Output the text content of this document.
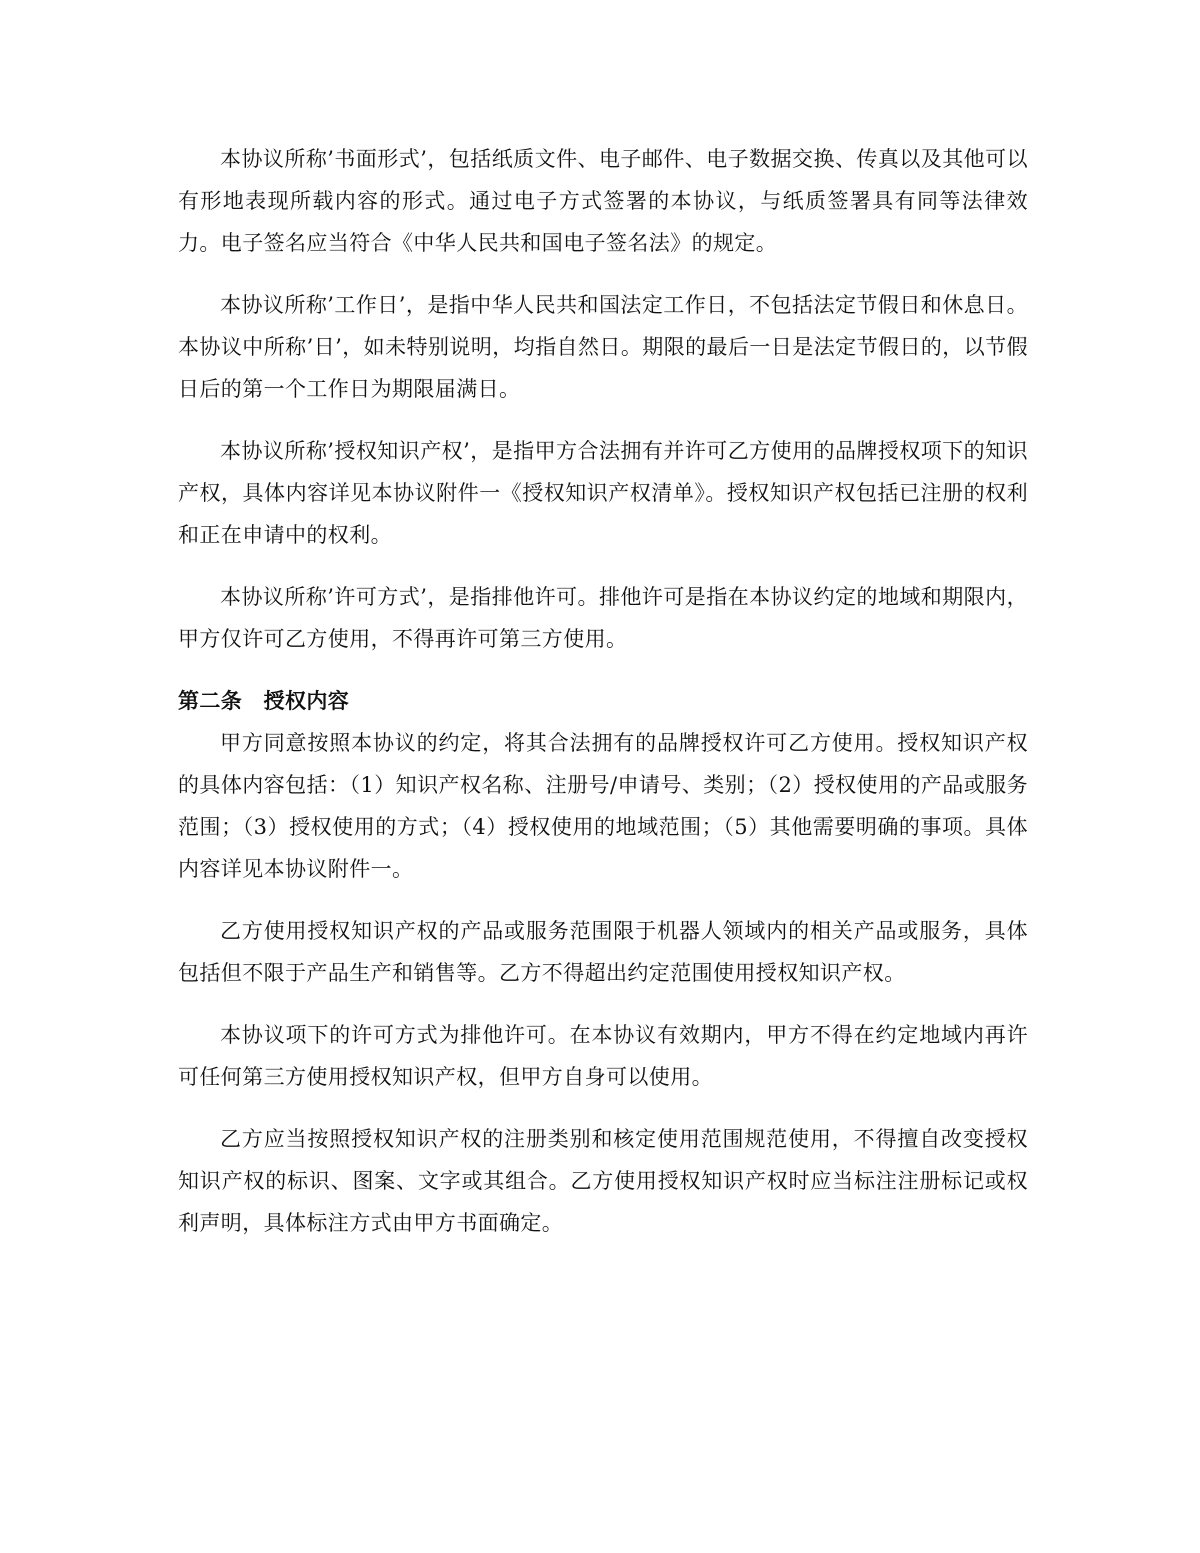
本协议所称’书面形式’，包括纸质文件、电子邮件、电子数据交换、传真以及其他可以有形地表现所载内容的形式。通过电子方式签署的本协议，与纸质签署具有同等法律效力。电子签名应当符合《中华人民共和国电子签名法》的规定。

本协议所称’工作日’，是指中华人民共和国法定工作日，不包括法定节假日和休息日。本协议中所称’日’，如未特别说明，均指自然日。期限的最后一日是法定节假日的，以节假日后的第一个工作日为期限届满日。

本协议所称’授权知识产权’，是指甲方合法拥有并许可乙方使用的品牌授权项下的知识产权，具体内容详见本协议附件一《授权知识产权清单》。授权知识产权包括已注册的权利和正在申请中的权利。

本协议所称’许可方式’，是指排他许可。排他许可是指在本协议约定的地域和期限内，甲方仅许可乙方使用，不得再许可第三方使用。

第二条　授权内容

甲方同意按照本协议的约定，将其合法拥有的品牌授权许可乙方使用。授权知识产权的具体内容包括：（1）知识产权名称、注册号/申请号、类别；（2）授权使用的产品或服务范围；（3）授权使用的方式；（4）授权使用的地域范围；（5）其他需要明确的事项。具体内容详见本协议附件一。

乙方使用授权知识产权的产品或服务范围限于机器人领域内的相关产品或服务，具体包括但不限于产品生产和销售等。乙方不得超出约定范围使用授权知识产权。

本协议项下的许可方式为排他许可。在本协议有效期内，甲方不得在约定地域内再许可任何第三方使用授权知识产权，但甲方自身可以使用。

乙方应当按照授权知识产权的注册类别和核定使用范围规范使用，不得擅自改变授权知识产权的标识、图案、文字或其组合。乙方使用授权知识产权时应当标注注册标记或权利声明，具体标注方式由甲方书面确定。
